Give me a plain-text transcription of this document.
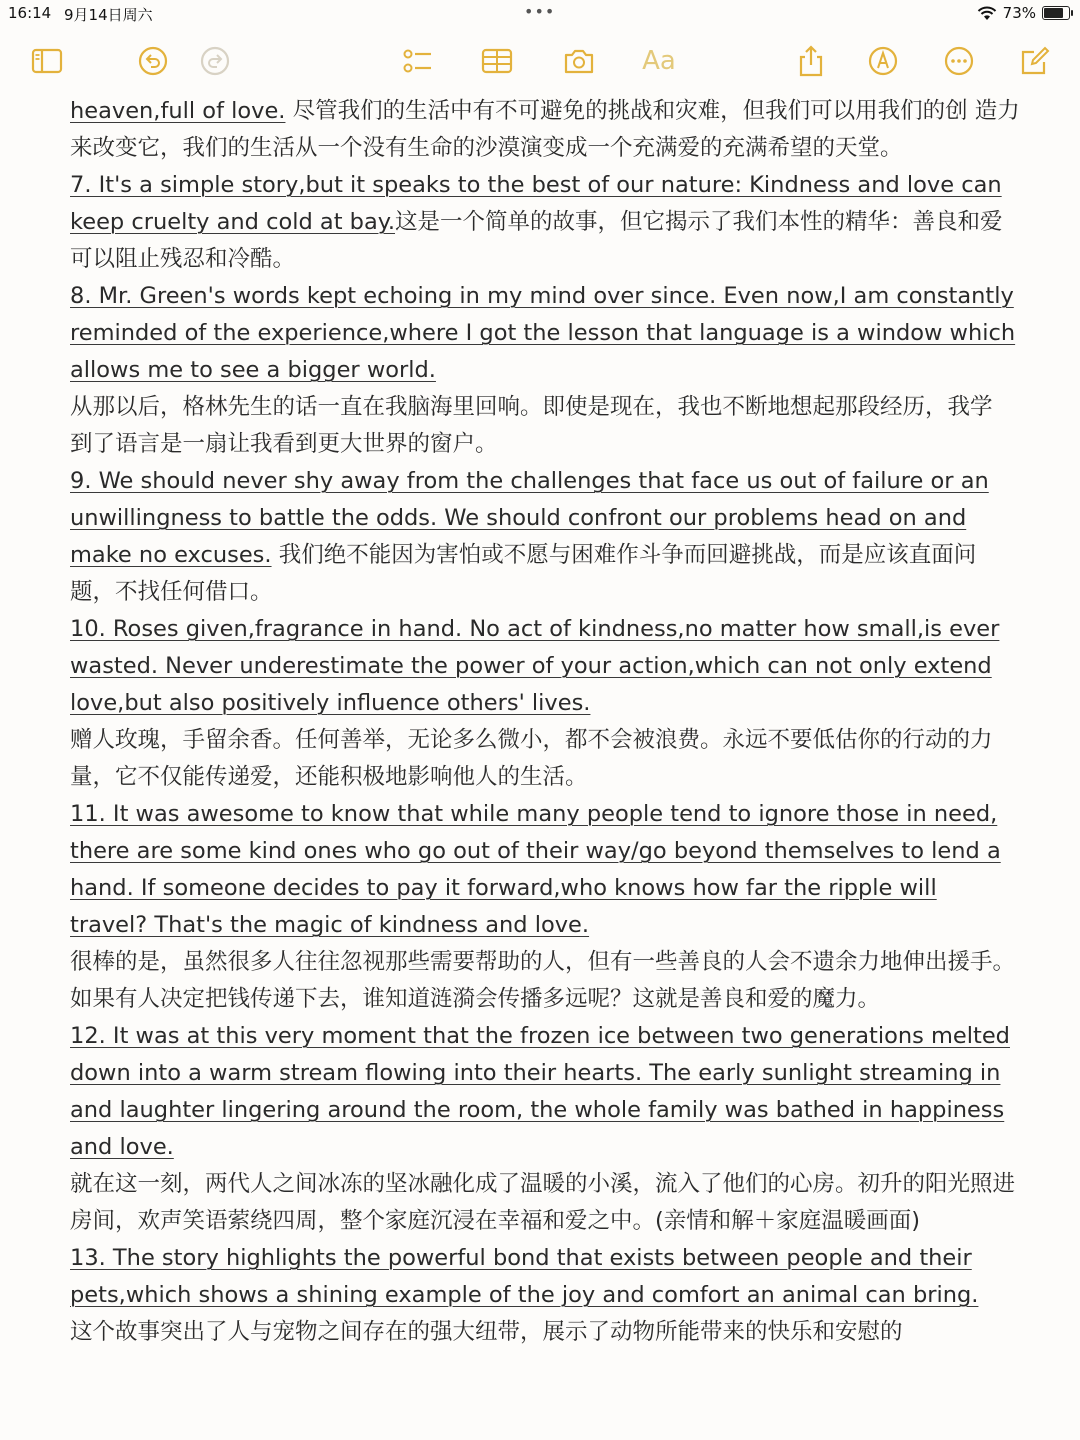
16:14 9月14日周六	•••	73%
Aa

heaven,full of love. 尽管我们的生活中有不可避免的挑战和灾难，但我们可以用我们的创 造力来改变它，我们的生活从一个没有生命的沙漠演变成一个充满爱的充满希望的天堂。

7. It's a simple story,but it speaks to the best of our nature: Kindness and love can keep cruelty and cold at bay.这是一个简单的故事，但它揭示了我们本性的精华：善良和爱可以阻止残忍和冷酷。

8. Mr. Green's words kept echoing in my mind over since. Even now,I am constantly reminded of the experience,where I got the lesson that language is a window which allows me to see a bigger world.
从那以后，格林先生的话一直在我脑海里回响。即使是现在，我也不断地想起那段经历，我学 到了语言是一扇让我看到更大世界的窗户。

9. We should never shy away from the challenges that face us out of failure or an unwillingness to battle the odds. We should confront our problems head on and make no excuses. 我们绝不能因为害怕或不愿与困难作斗争而回避挑战，而是应该直面问题，不找任何借口。

10. Roses given,fragrance in hand. No act of kindness,no matter how small,is ever wasted. Never underestimate the power of your action,which can not only extend love,but also positively influence others' lives.
赠人玫瑰，手留余香。任何善举，无论多么微小，都不会被浪费。永远不要低估你的行动的力 量，它不仅能传递爱，还能积极地影响他人的生活。

11. It was awesome to know that while many people tend to ignore those in need, there are some kind ones who go out of their way/go beyond themselves to lend a hand. If someone decides to pay it forward,who knows how far the ripple will travel? That's the magic of kindness and love.
很棒的是，虽然很多人往往忽视那些需要帮助的人，但有一些善良的人会不遗余力地伸出援手。 如果有人决定把钱传递下去，谁知道涟漪会传播多远呢？这就是善良和爱的魔力。

12. It was at this very moment that the frozen ice between two generations melted down into a warm stream flowing into their hearts. The early sunlight streaming in and laughter lingering around the room, the whole family was bathed in happiness and love.
就在这一刻，两代人之间冰冻的坚冰融化成了温暖的小溪，流入了他们的心房。初升的阳光照进房间，欢声笑语萦绕四周，整个家庭沉浸在幸福和爱之中。(亲情和解＋家庭温暖画面)

13. The story highlights the powerful bond that exists between people and their pets,which shows a shining example of the joy and comfort an animal can bring.
这个故事突出了人与宠物之间存在的强大纽带，展示了动物所能带来的快乐和安慰的
